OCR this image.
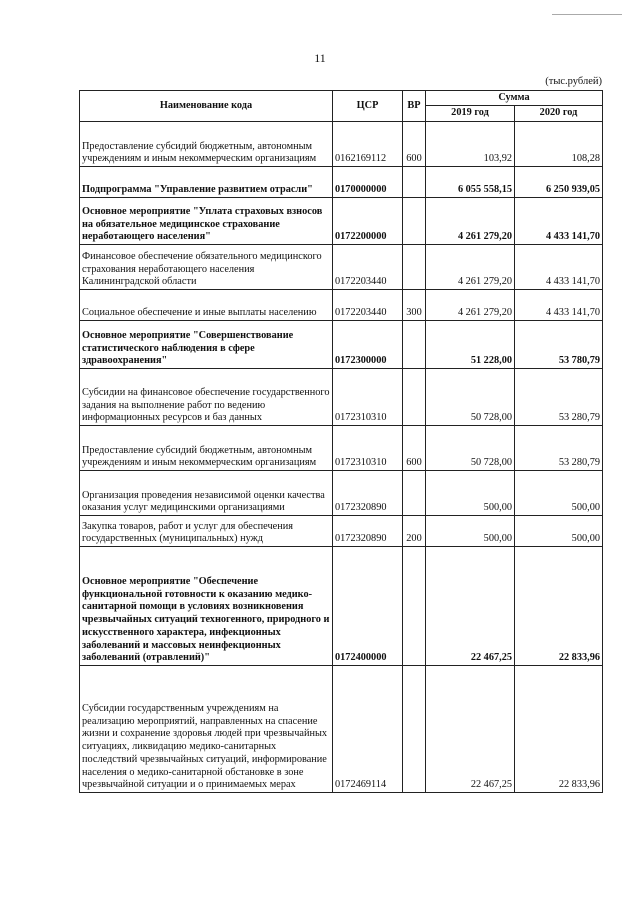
11
(тыс.рублей)
Наименование кода	ЦСР	ВР	Сумма	
			2019 год	2020 год
Предоставление субсидий бюджетным, автономным учреждениям и иным некоммерческим организациям	0162169112	600	103,92	108,28
Подпрограмма "Управление развитием отрасли"	0170000000		6 055 558,15	6 250 939,05
Основное мероприятие "Уплата страховых взносов на обязательное медицинское страхование неработающего населения"	0172200000		4 261 279,20	4 433 141,70
Финансовое обеспечение обязательного медицинского страхования неработающего населения Калининградской области	0172203440		4 261 279,20	4 433 141,70
Социальное обеспечение и иные выплаты населению	0172203440	300	4 261 279,20	4 433 141,70
Основное мероприятие "Совершенствование статистического наблюдения в сфере здравоохранения"	0172300000		51 228,00	53 780,79
Субсидии на финансовое обеспечение государственного задания на выполнение работ по ведению информационных ресурсов и баз данных	0172310310		50 728,00	53 280,79
Предоставление субсидий бюджетным, автономным учреждениям и иным некоммерческим организациям	0172310310	600	50 728,00	53 280,79
Организация проведения независимой оценки качества оказания услуг медицинскими организациями	0172320890		500,00	500,00
Закупка товаров, работ и услуг для обеспечения государственных (муниципальных) нужд	0172320890	200	500,00	500,00
Основное мероприятие "Обеспечение функциональной готовности к оказанию медико-санитарной помощи в условиях возникновения чрезвычайных ситуаций техногенного, природного и искусственного характера, инфекционных заболеваний и массовых неинфекционных заболеваний (отравлений)"	0172400000		22 467,25	22 833,96
Субсидии государственным учреждениям на реализацию мероприятий, направленных на спасение жизни и сохранение здоровья людей при чрезвычайных ситуациях, ликвидацию медико-санитарных последствий чрезвычайных ситуаций, информирование населения о медико-санитарной обстановке в зоне чрезвычайной ситуации и о принимаемых мерах	0172469114		22 467,25	22 833,96
